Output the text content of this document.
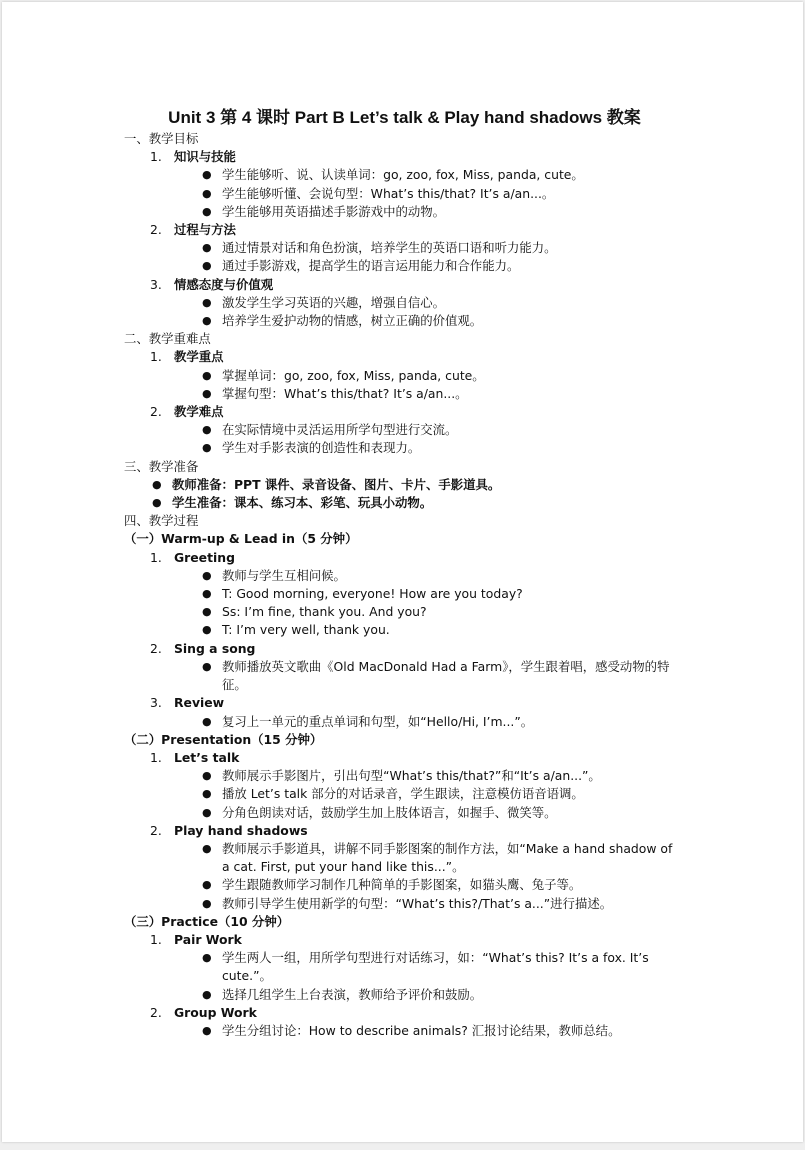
Unit 3 第 4 课时 Part B Let’s talk & Play hand shadows 教案
一、教学目标
1. 知识与技能
● 学生能够听、说、认读单词：go, zoo, fox, Miss, panda, cute。
● 学生能够听懂、会说句型：What’s this/that? It’s a/an...。
● 学生能够用英语描述手影游戏中的动物。
2. 过程与方法
● 通过情景对话和角色扮演，培养学生的英语口语和听力能力。
● 通过手影游戏，提高学生的语言运用能力和合作能力。
3. 情感态度与价值观
● 激发学生学习英语的兴趣，增强自信心。
● 培养学生爱护动物的情感，树立正确的价值观。
二、教学重难点
1. 教学重点
● 掌握单词：go, zoo, fox, Miss, panda, cute。
● 掌握句型：What’s this/that? It’s a/an...。
2. 教学难点
● 在实际情境中灵活运用所学句型进行交流。
● 学生对手影表演的创造性和表现力。
三、教学准备
● 教师准备：PPT 课件、录音设备、图片、卡片、手影道具。
● 学生准备：课本、练习本、彩笔、玩具小动物。
四、教学过程
（一）Warm-up & Lead in（5 分钟）
1. Greeting
● 教师与学生互相问候。
● T: Good morning, everyone! How are you today?
● Ss: I’m fine, thank you. And you?
● T: I’m very well, thank you.
2. Sing a song
● 教师播放英文歌曲《Old MacDonald Had a Farm》，学生跟着唱，感受动物的特征。
3. Review
● 复习上一单元的重点单词和句型，如“Hello/Hi, I’m...”。
（二）Presentation（15 分钟）
1. Let’s talk
● 教师展示手影图片，引出句型“What’s this/that?”和“It’s a/an...”。
● 播放 Let’s talk 部分的对话录音，学生跟读，注意模仿语音语调。
● 分角色朗读对话，鼓励学生加上肢体语言，如握手、微笑等。
2. Play hand shadows
● 教师展示手影道具，讲解不同手影图案的制作方法，如“Make a hand shadow of a cat. First, put your hand like this...”。
● 学生跟随教师学习制作几种简单的手影图案，如猫头鹰、兔子等。
● 教师引导学生使用新学的句型：“What’s this?/That’s a...”进行描述。
（三）Practice（10 分钟）
1. Pair Work
● 学生两人一组，用所学句型进行对话练习，如：“What’s this? It’s a fox. It’s cute.”。
● 选择几组学生上台表演，教师给予评价和鼓励。
2. Group Work
● 学生分组讨论：How to describe animals? 汇报讨论结果，教师总结。
